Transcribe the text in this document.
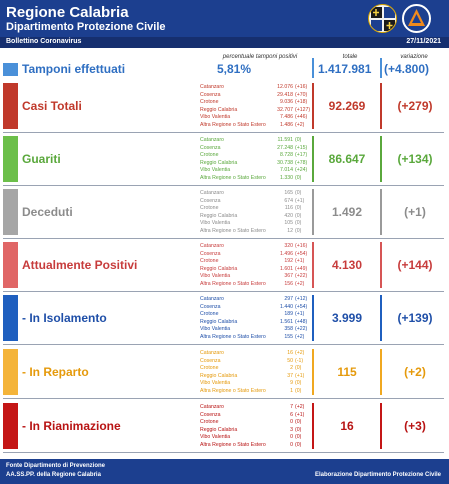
Regione Calabria
Dipartimento Protezione Civile
Bollettino Coronavirus	27/11/2021
percentuale tamponi positivi	totale	variazione
Tamponi effettuati	5,81%	1.417.981 (+4.800)
Casi Totali
Catanzaro	12.076 (+16)
Cosenza	29.418 (+70)
Crotone	9.036 (+18)
Reggio Calabria	32.707 (+127)
Vibo Valentia	7.486 (+46)
Altra Regione o Stato Estero	1.486 (+2)
92.269	(+279)
Guariti
Catanzaro	11.591 (0)
Cosenza	27.248 (+15)
Crotone	8.728 (+17)
Reggio Calabria	30.738 (+78)
Vibo Valentia	7.014 (+24)
Altra Regione o Stato Estero	1.330 (0)
86.647	(+134)
Deceduti
Catanzaro	165 (0)
Cosenza	674 (+1)
Crotone	116 (0)
Reggio Calabria	420 (0)
Vibo Valentia	105 (0)
Altra Regione o Stato Estero	12 (0)
1.492	(+1)
Attualmente Positivi
Catanzaro	320 (+16)
Cosenza	1.496 (+54)
Crotone	192 (+1)
Reggio Calabria	1.601 (+49)
Vibo Valentia	367 (+22)
Altra Regione o Stato Estero	156 (+2)
4.130	(+144)
- In Isolamento
Catanzaro	297 (+12)
Cosenza	1.440 (+54)
Crotone	189 (+1)
Reggio Calabria	1.561 (+48)
Vibo Valentia	358 (+22)
Altra Regione o Stato Estero	155 (+2)
3.999	(+139)
- In Reparto
Catanzaro	16 (+2)
Cosenza	50 (-1)
Crotone	2 (0)
Reggio Calabria	37 (+1)
Vibo Valentia	9 (0)
Altra Regione o Stato Estero	1 (0)
115	(+2)
- In Rianimazione
Catanzaro	7 (+2)
Cosenza	6 (+1)
Crotone	0 (0)
Reggio Calabria	3 (0)
Vibo Valentia	0 (0)
Altra Regione o Stato Estero	0 (0)
16	(+3)
Fonte Dipartimento di Prevenzione
AA.SS.PP. della Regione Calabria	Elaborazione Dipartimento Protezione Civile
